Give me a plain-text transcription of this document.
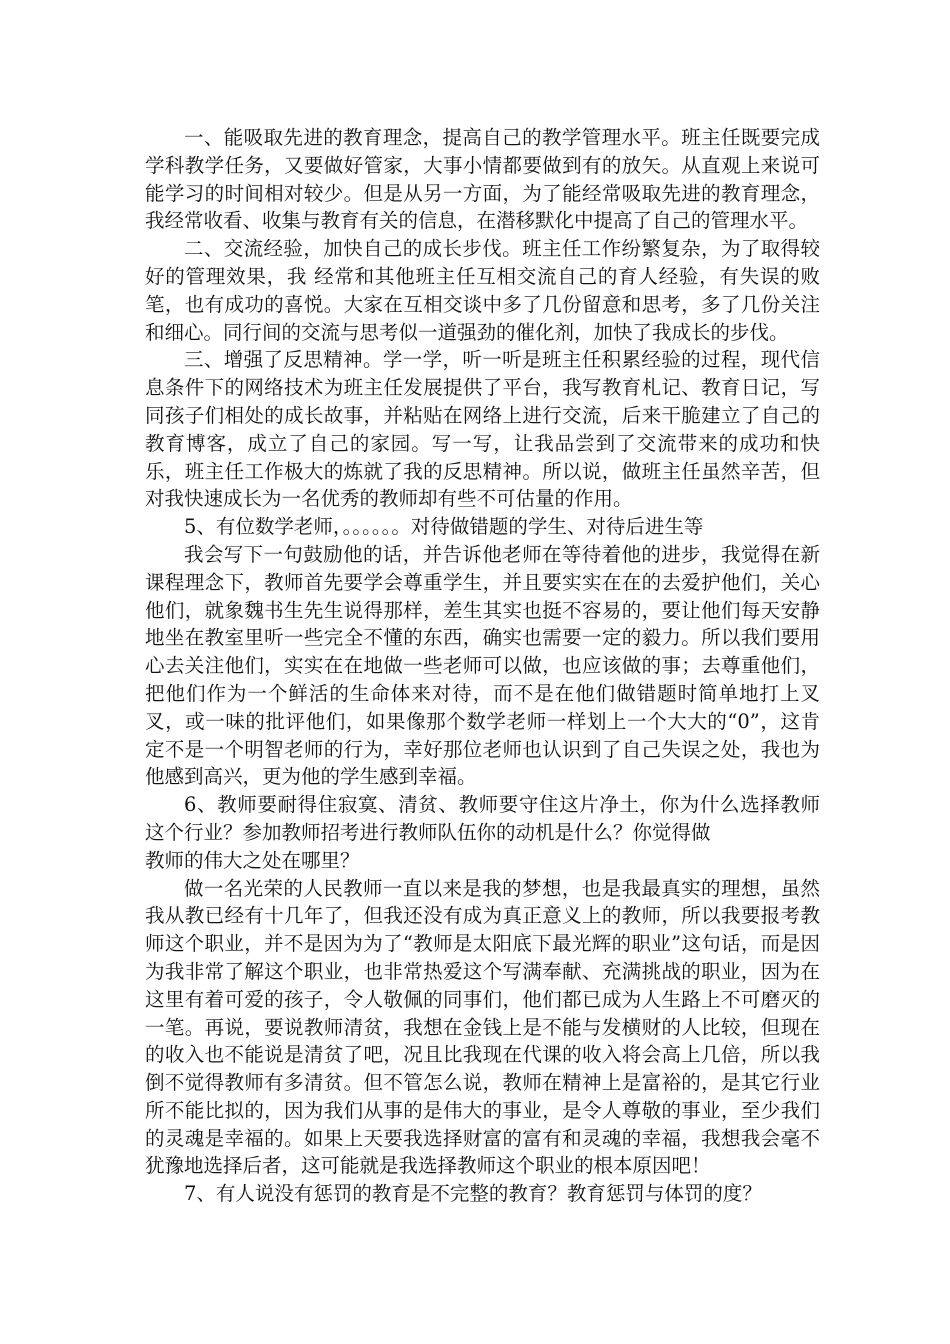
一、能吸取先进的教育理念，提高自己的教学管理水平。班主任既要完成学科教学任务，又要做好管家，大事小情都要做到有的放矢。从直观上来说可能学习的时间相对较少。但是从另一方面，为了能经常吸取先进的教育理念，我经常收看、收集与教育有关的信息，在潜移默化中提高了自己的管理水平。

二、交流经验，加快自己的成长步伐。班主任工作纷繁复杂，为了取得较好的管理效果，我 经常和其他班主任互相交流自己的育人经验，有失误的败笔，也有成功的喜悦。大家在互相交谈中多了几份留意和思考，多了几份关注和细心。同行间的交流与思考似一道强劲的催化剂，加快了我成长的步伐。

三、增强了反思精神。学一学，听一听是班主任积累经验的过程，现代信息条件下的网络技术为班主任发展提供了平台，我写教育札记、教育日记，写同孩子们相处的成长故事，并粘贴在网络上进行交流，后来干脆建立了自己的教育博客，成立了自己的家园。写一写，让我品尝到了交流带来的成功和快乐，班主任工作极大的炼就了我的反思精神。所以说，做班主任虽然辛苦，但对我快速成长为一名优秀的教师却有些不可估量的作用。

5、有位数学老师，。。。。。。对待做错题的学生、对待后进生等

我会写下一句鼓励他的话，并告诉他老师在等待着他的进步，我觉得在新课程理念下，教师首先要学会尊重学生，并且要实实在在的去爱护他们，关心他们，就象魏书生先生说得那样，差生其实也挺不容易的，要让他们每天安静地坐在教室里听一些完全不懂的东西，确实也需要一定的毅力。所以我们要用心去关注他们，实实在在地做一些老师可以做，也应该做的事；去尊重他们，把他们作为一个鲜活的生命体来对待，而不是在他们做错题时简单地打上叉叉，或一味的批评他们，如果像那个数学老师一样划上一个大大的“0”，这肯定不是一个明智老师的行为，幸好那位老师也认识到了自己失误之处，我也为他感到高兴，更为他的学生感到幸福。

6、教师要耐得住寂寞、清贫、教师要守住这片净土，你为什么选择教师这个行业？参加教师招考进行教师队伍你的动机是什么？你觉得做

教师的伟大之处在哪里？

做一名光荣的人民教师一直以来是我的梦想，也是我最真实的理想，虽然我从教已经有十几年了，但我还没有成为真正意义上的教师，所以我要报考教师这个职业，并不是因为为了“教师是太阳底下最光辉的职业”这句话，而是因为我非常了解这个职业，也非常热爱这个写满奉献、充满挑战的职业，因为在这里有着可爱的孩子，令人敬佩的同事们，他们都已成为人生路上不可磨灭的一笔。再说，要说教师清贫，我想在金钱上是不能与发横财的人比较，但现在的收入也不能说是清贫了吧，况且比我现在代课的收入将会高上几倍，所以我倒不觉得教师有多清贫。但不管怎么说，教师在精神上是富裕的，是其它行业所不能比拟的，因为我们从事的是伟大的事业，是令人尊敬的事业，至少我们的灵魂是幸福的。如果上天要我选择财富的富有和灵魂的幸福，我想我会毫不犹豫地选择后者，这可能就是我选择教师这个职业的根本原因吧！

7、有人说没有惩罚的教育是不完整的教育？教育惩罚与体罚的度？
